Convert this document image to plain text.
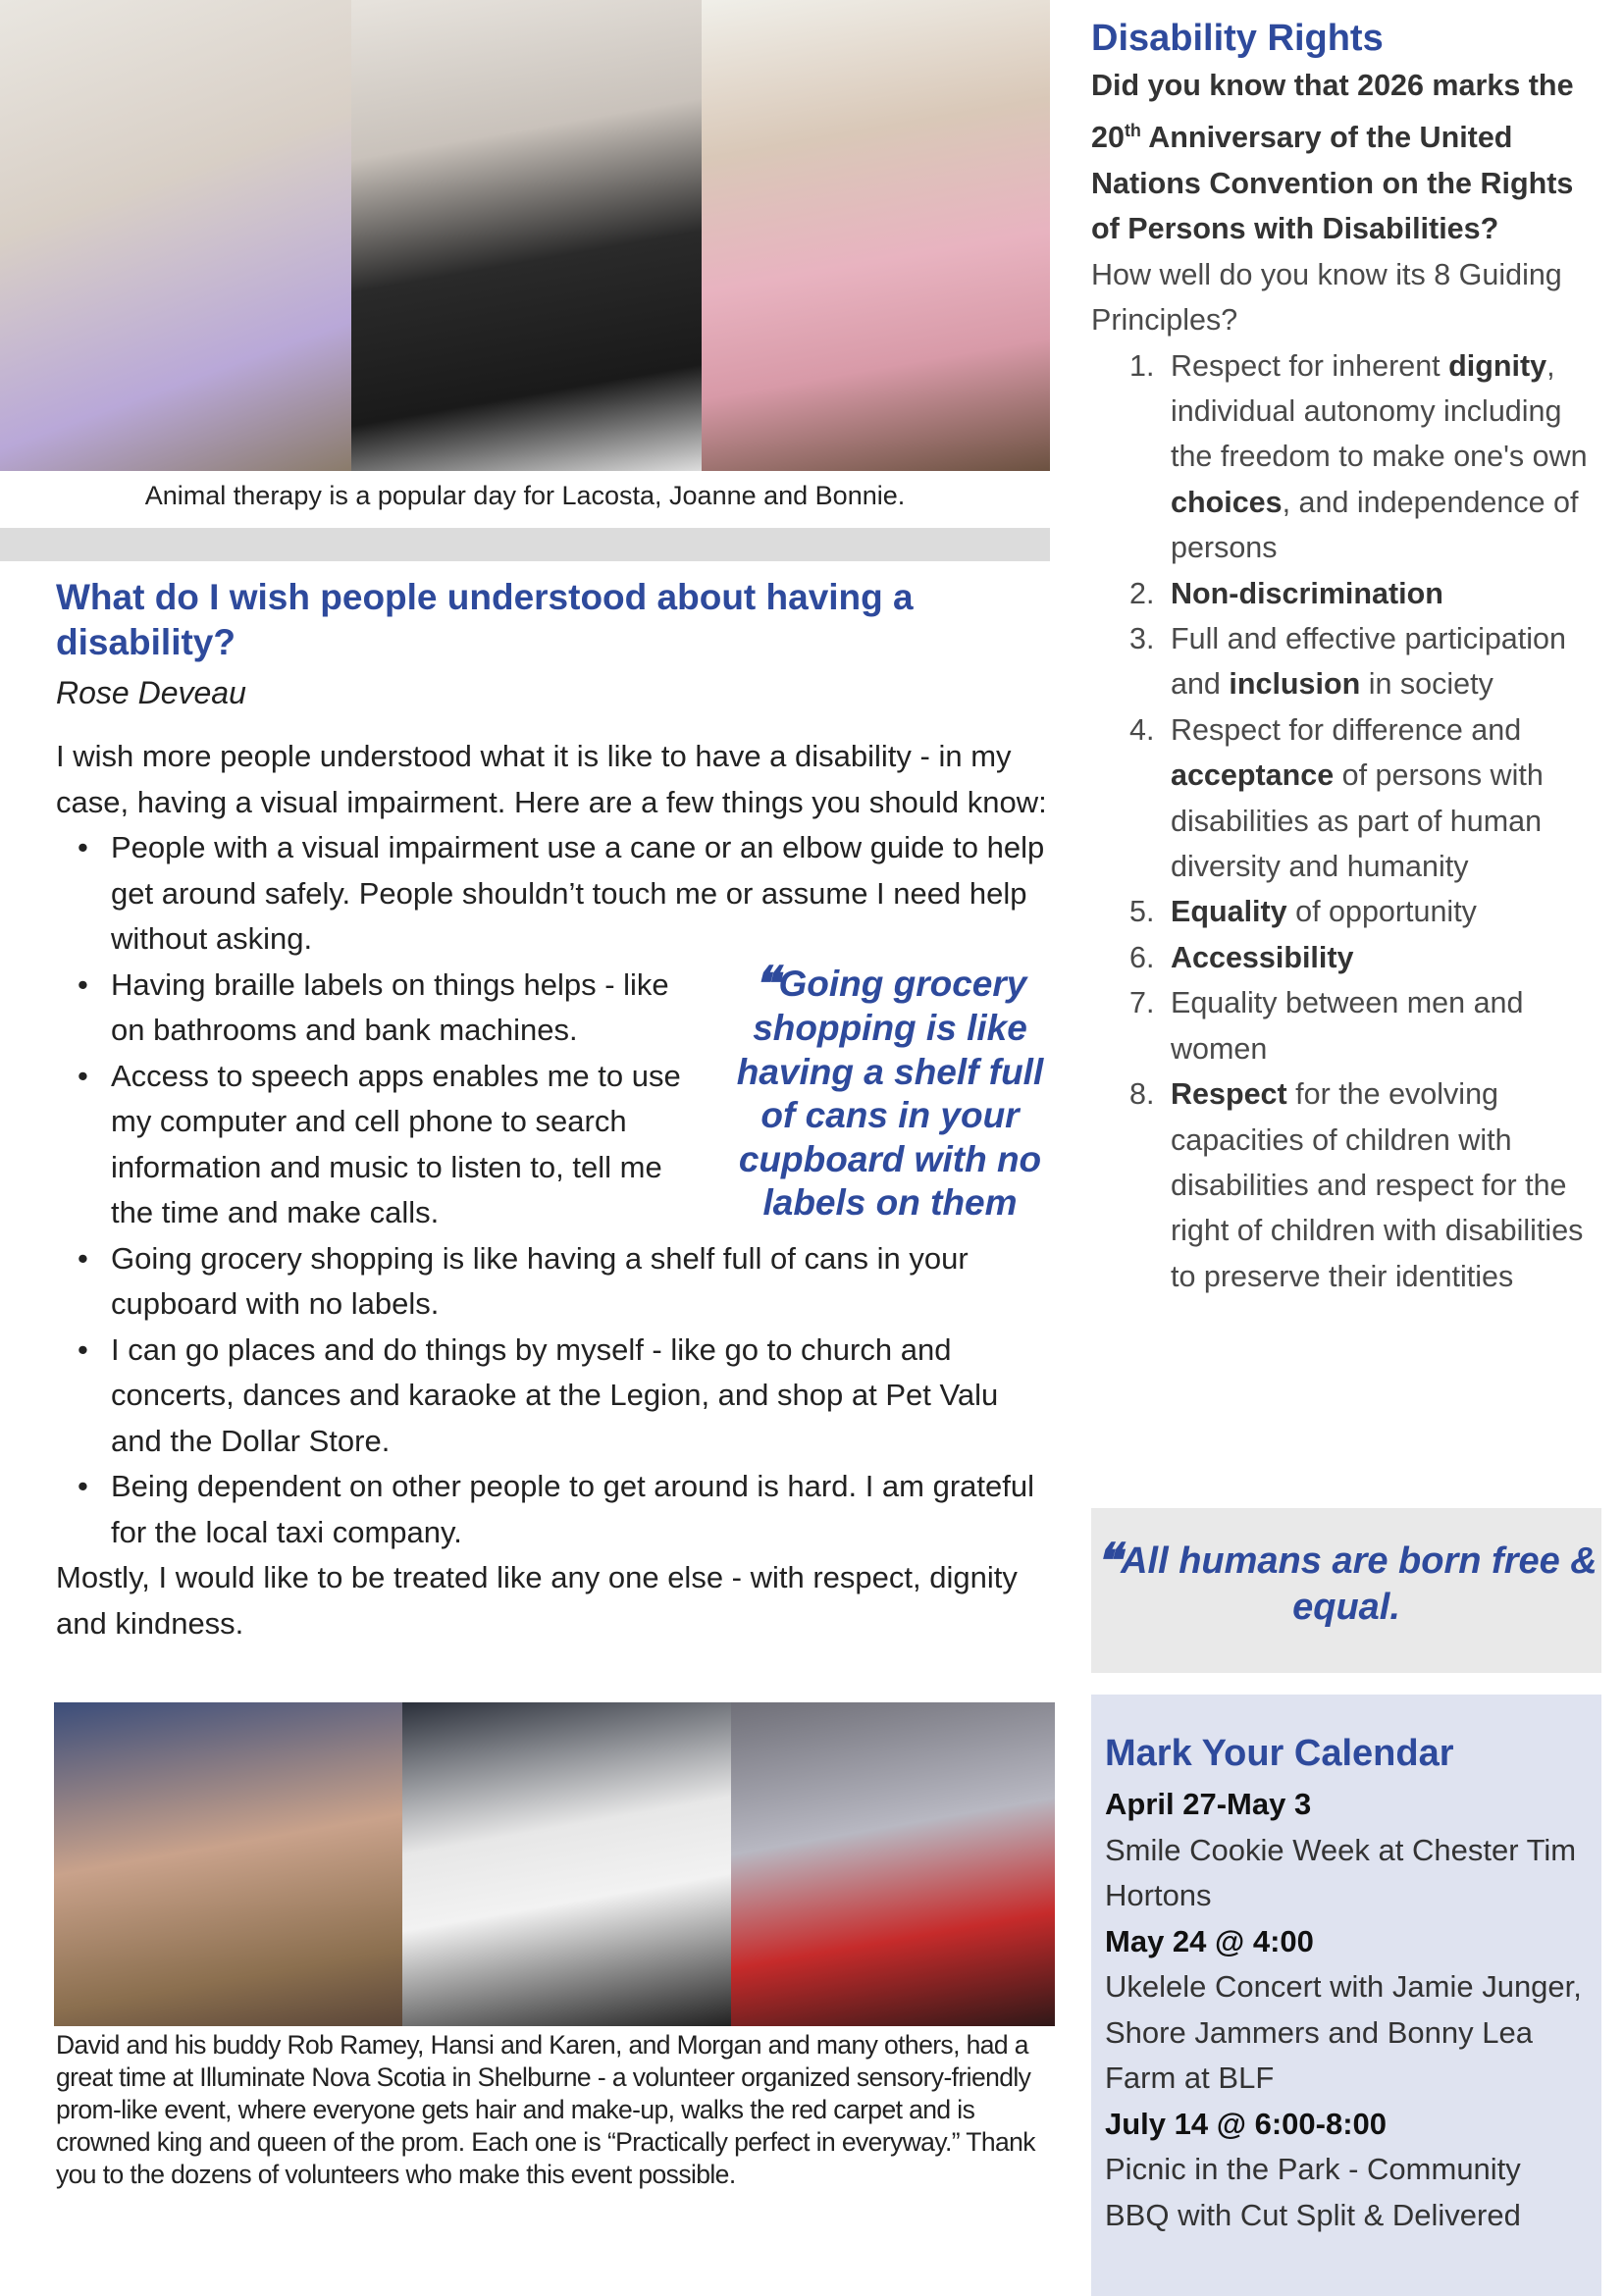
Animal therapy is a popular day for Lacosta, Joanne and Bonnie.
What do I wish people understood about having a disability?
Rose Deveau

I wish more people understood what it is like to have a disability - in my case, having a visual impairment. Here are a few things you should know:

• People with a visual impairment use a cane or an elbow guide to help get around safely. People shouldn’t touch me or assume I need help without asking.
• ❝Going grocery shopping is like having a shelf full of cans in your cupboard with no labels on them
Having braille labels on things helps - like on bathrooms and bank machines.
• Access to speech apps enables me to use my computer and cell phone to search information and music to listen to, tell me the time and make calls.
• Going grocery shopping is like having a shelf full of cans in your cupboard with no labels.
• I can go places and do things by myself - like go to church and concerts, dances and karaoke at the Legion, and shop at Pet Valu and the Dollar Store.
• Being dependent on other people to get around is hard. I am grateful for the local taxi company.

Mostly, I would like to be treated like any one else - with respect, dignity and kindness.

David and his buddy Rob Ramey, Hansi and Karen, and Morgan and many others, had a great time at Illuminate Nova Scotia in Shelburne - a volunteer organized sensory-friendly prom-like event, where everyone gets hair and make-up, walks the red carpet and is crowned king and queen of the prom. Each one is “Practically perfect in everyway.” Thank you to the dozens of volunteers who make this event possible.
Disability Rights

Did you know that 2026 marks the 20th Anniversary of the United Nations Convention on the Rights of Persons with Disabilities?

How well do you know its 8 Guiding Principles?

1. Respect for inherent dignity, individual autonomy including the freedom to make one's own choices, and independence of persons
2. Non-discrimination
3. Full and effective participation and inclusion in society
4. Respect for difference and acceptance of persons with disabilities as part of human diversity and humanity
5. Equality of opportunity
6. Accessibility
7. Equality between men and women
8. Respect for the evolving capacities of children with disabilities and respect for the right of children with disabilities to preserve their identities
❝All humans are born free & equal.
Mark Your Calendar
April 27-May 3
Smile Cookie Week at Chester Tim Hortons
May 24 @ 4:00
Ukelele Concert with Jamie Junger, Shore Jammers and Bonny Lea Farm at BLF
July 14 @ 6:00-8:00
Picnic in the Park - Community BBQ with Cut Split & Delivered
